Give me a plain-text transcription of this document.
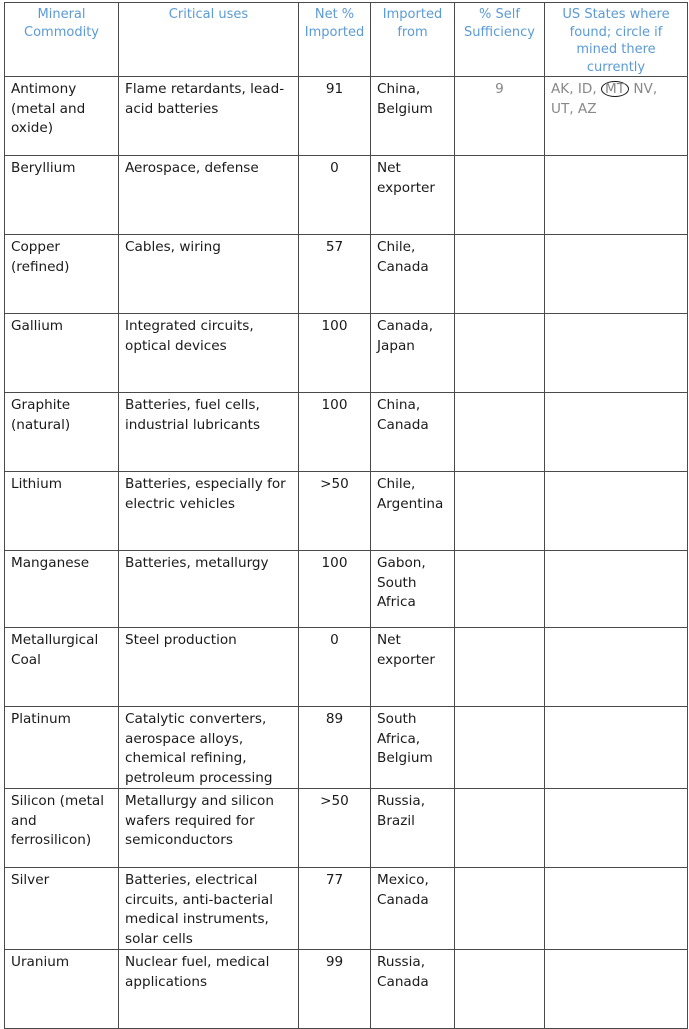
Mineral Commodity	Critical uses	Net % Imported	Imported from	% Self Sufficiency	US States where found; circle if mined there currently
Antimony (metal and oxide)	Flame retardants, lead-acid batteries	91	China, Belgium	9	AK, ID, MT NV, UT, AZ
Beryllium	Aerospace, defense	0	Net exporter		
Copper (refined)	Cables, wiring	57	Chile, Canada		
Gallium	Integrated circuits, optical devices	100	Canada, Japan		
Graphite (natural)	Batteries, fuel cells, industrial lubricants	100	China, Canada		
Lithium	Batteries, especially for electric vehicles	>50	Chile, Argentina		
Manganese	Batteries, metallurgy	100	Gabon, South Africa		
Metallurgical Coal	Steel production	0	Net exporter		
Platinum	Catalytic converters, aerospace alloys, chemical refining, petroleum processing	89	South Africa, Belgium		
Silicon (metal and ferrosilicon)	Metallurgy and silicon wafers required for semiconductors	>50	Russia, Brazil		
Silver	Batteries, electrical circuits, anti-bacterial medical instruments, solar cells	77	Mexico, Canada		
Uranium	Nuclear fuel, medical applications	99	Russia, Canada		
